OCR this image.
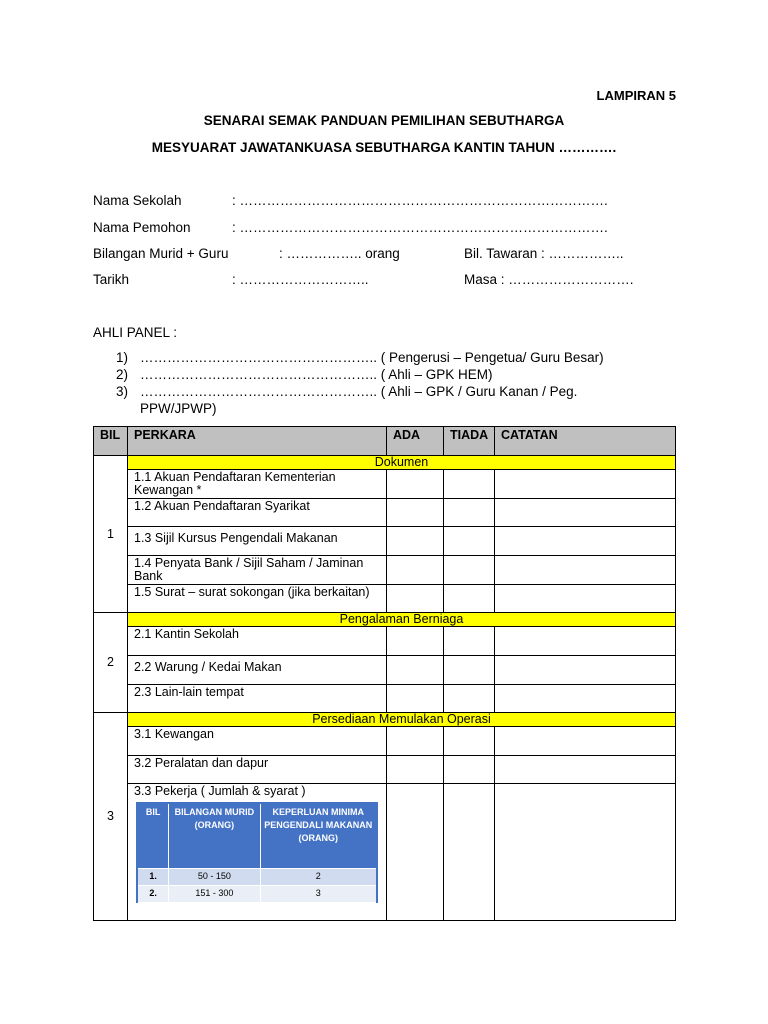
LAMPIRAN 5
SENARAI SEMAK PANDUAN PEMILIHAN SEBUTHARGA
MESYUARAT JAWATANKUASA SEBUTHARGA KANTIN TAHUN ………….
Nama Sekolah	: ……………………………………………………………………….
Nama Pemohon	: ……………………………………………………………………….
Bilangan Murid + Guru	: …………….. orang	Bil. Tawaran : ……………..
Tarikh	: ………………………..	Masa : ……………………….
AHLI PANEL :
1) …………………………………………….. ( Pengerusi – Pengetua/ Guru Besar)
2) …………………………………………….. ( Ahli – GPK HEM)
3) …………………………………………….. ( Ahli – GPK / Guru Kanan / Peg.
PPW/JPWP)
BIL	PERKARA	ADA	TIADA	CATATAN
1	Dokumen
1.1 Akuan Pendaftaran Kementerian Kewangan *			
1.2 Akuan Pendaftaran Syarikat			
1.3 Sijil Kursus Pengendali Makanan			
1.4 Penyata Bank / Sijil Saham / Jaminan Bank			
1.5 Surat – surat sokongan (jika berkaitan)			
2	Pengalaman Berniaga
2.1 Kantin Sekolah			
2.2 Warung / Kedai Makan			
2.3 Lain-lain tempat			
3	Persediaan Memulakan Operasi
3.1 Kewangan			
3.2 Peralatan dan dapur			

3.3 Pekerja ( Jumlah & syarat )
BIL	BILANGAN MURID (ORANG)	KEPERLUAN MINIMA PENGENDALI MAKANAN (ORANG)
1.	50 - 150	2
2.	151 - 300	3
